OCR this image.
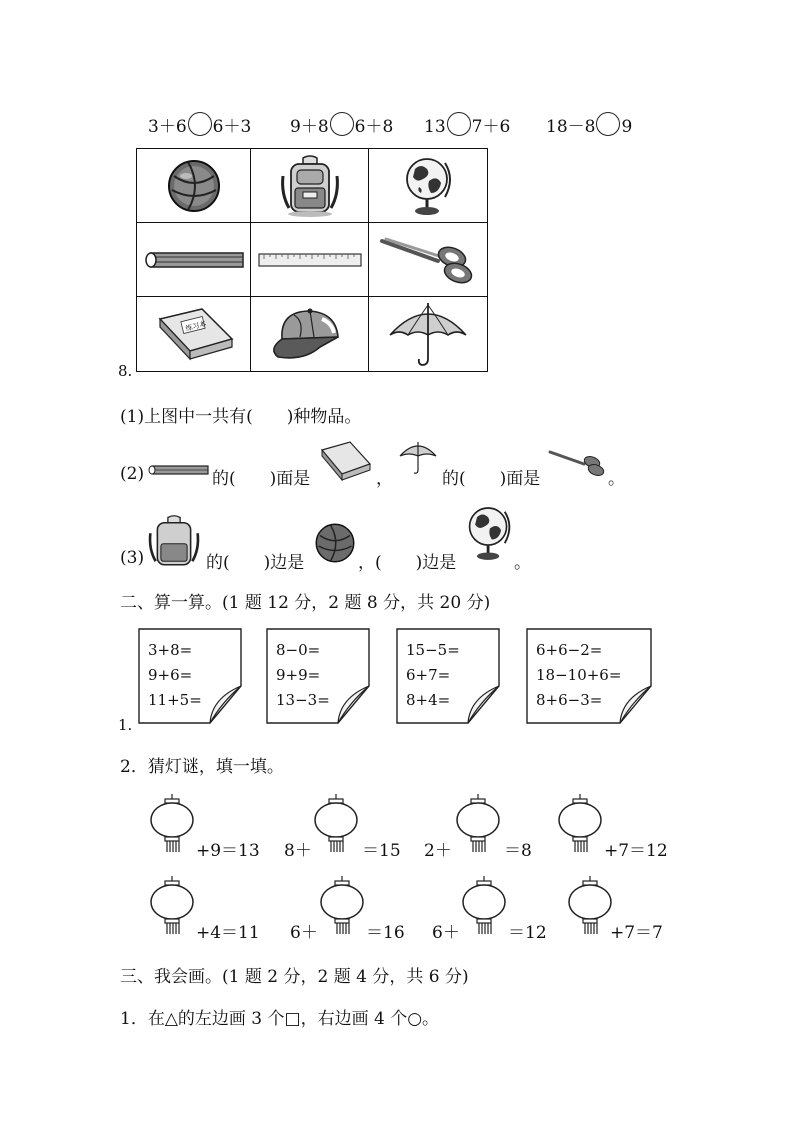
3＋6 6＋3 9＋8 6＋8 13 7＋6 18－8 9
8.
练习本
(1)上图中一共有(　　)种物品。
(2)	的(　　)面是	，	的(　　)面是	。
(3)	的(　　)边是	，(　　)边是	。
二、算一算。(1 题 12 分，2 题 8 分，共 20 分)
1.
3+8=
9+6=
11+5=
8−0=
9+9=
13−3=
15−5=
6+7=
8+4=
6+6−2=
18−10+6=
8+6−3=
2．猜灯谜，填一填。
+9＝13 8＋	＝15 2＋	＝8	+7＝12
+4＝11 6＋	＝16 6＋	＝12	+7＝7
三、我会画。(1 题 2 分，2 题 4 分，共 6 分)
1．在△的左边画 3 个□，右边画 4 个○。
